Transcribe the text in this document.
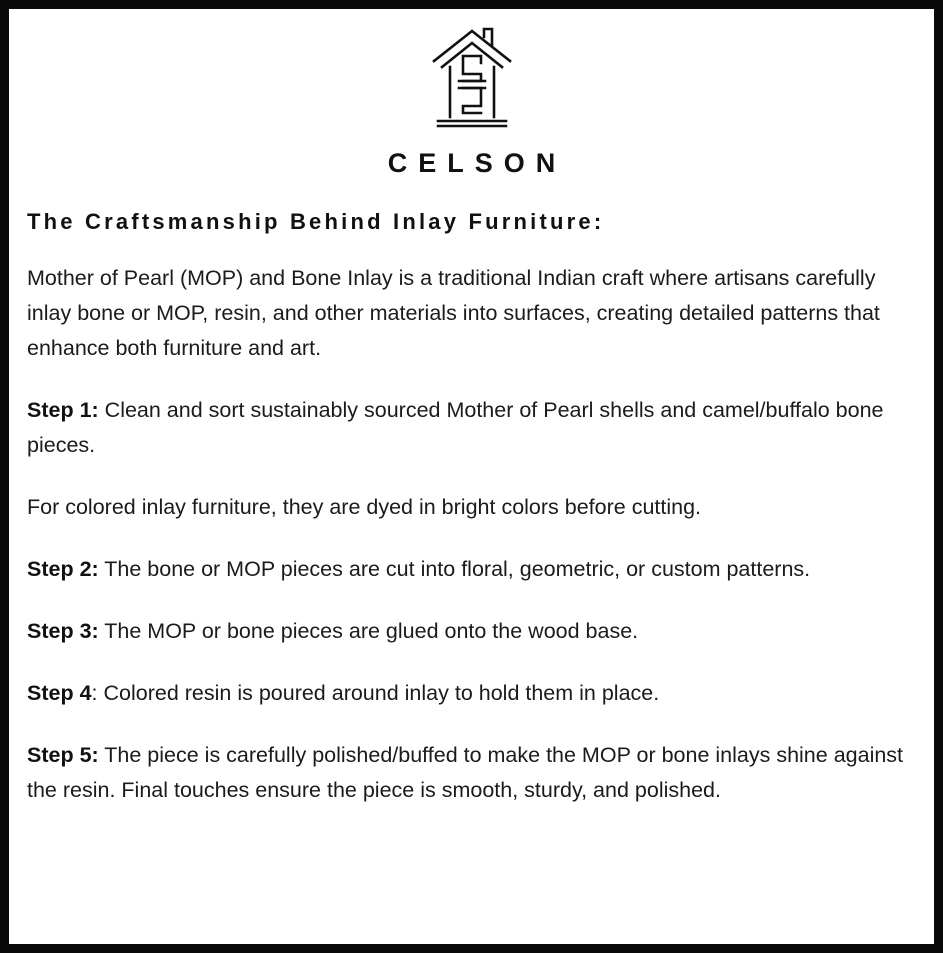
CELSON
The Craftsmanship Behind Inlay Furniture:

Mother of Pearl (MOP) and Bone Inlay is a traditional Indian craft where artisans carefully inlay bone or MOP, resin, and other materials into surfaces, creating detailed patterns that enhance both furniture and art.

Step 1: Clean and sort sustainably sourced Mother of Pearl shells and camel/buffalo bone pieces.

For colored inlay furniture, they are dyed in bright colors before cutting.

Step 2: The bone or MOP pieces are cut into floral, geometric, or custom patterns.

Step 3: The MOP or bone pieces are glued onto the wood base.

Step 4: Colored resin is poured around inlay to hold them in place.

Step 5: The piece is carefully polished/buffed to make the MOP or bone inlays shine against the resin. Final touches ensure the piece is smooth, sturdy, and polished.
